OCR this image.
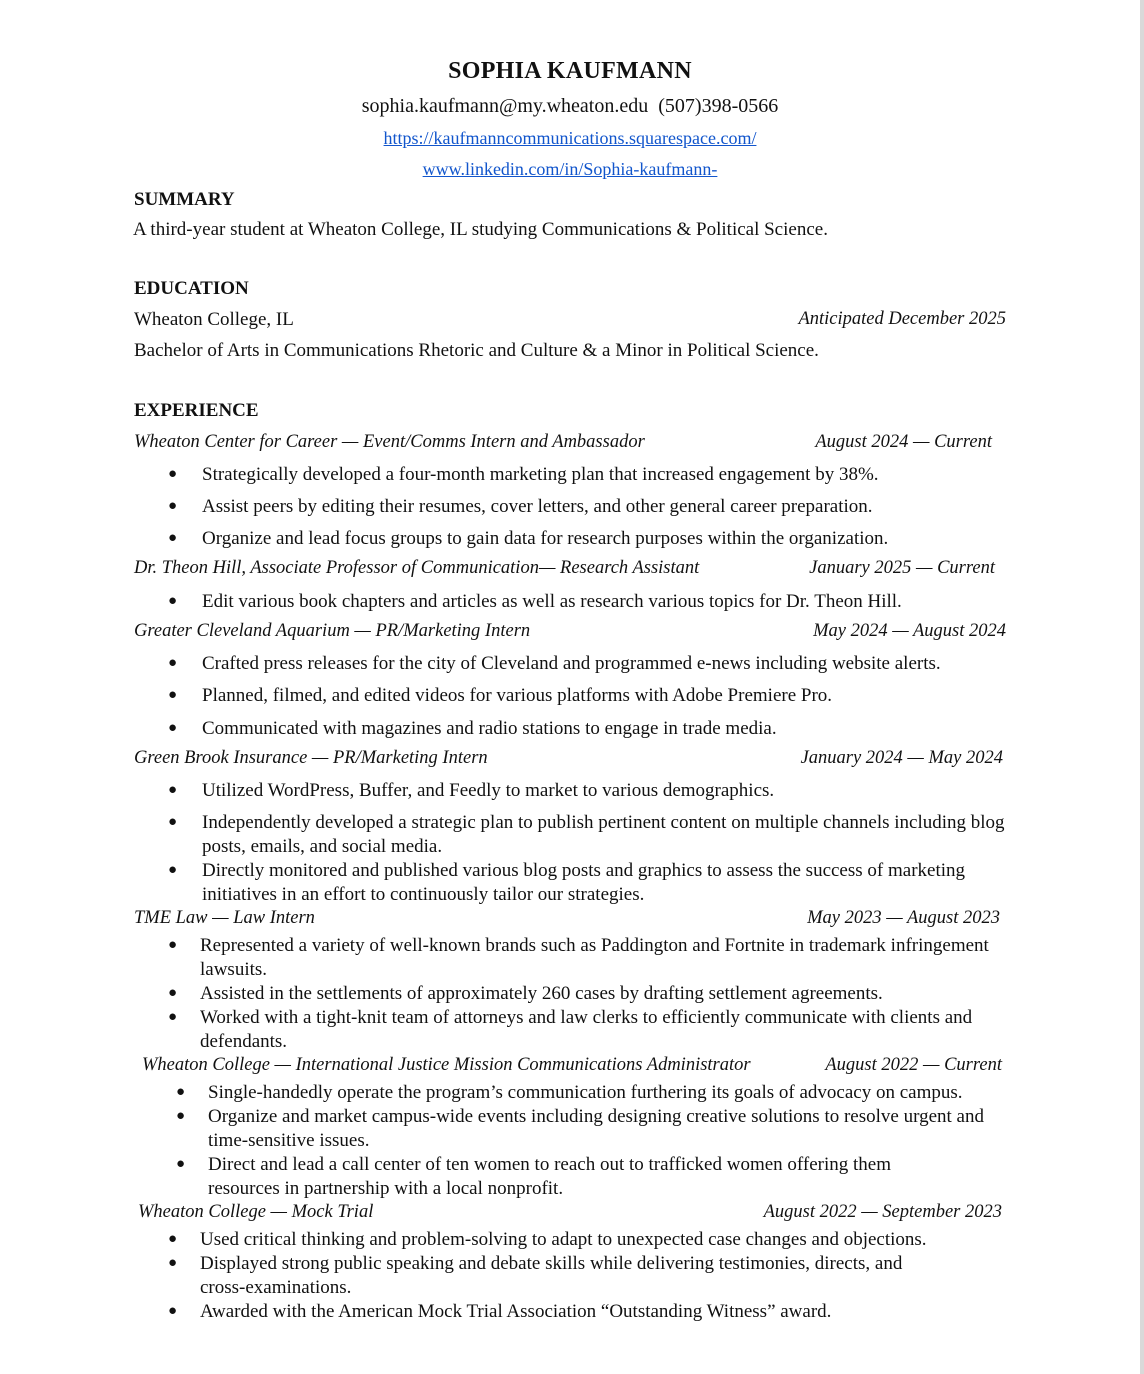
SOPHIA KAUFMANN
sophia.kaufmann@my.wheaton.edu (507)398-0566
https://kaufmanncommunications.squarespace.com/
www.linkedin.com/in/Sophia-kaufmann-
SUMMARY
A third-year student at Wheaton College, IL studying Communications & Political Science.
EDUCATION
Wheaton College, IL	Anticipated December 2025
Bachelor of Arts in Communications Rhetoric and Culture & a Minor in Political Science.
EXPERIENCE
Wheaton Center for Career — Event/Comms Intern and Ambassador	August 2024 — Current
● Strategically developed a four-month marketing plan that increased engagement by 38%.
● Assist peers by editing their resumes, cover letters, and other general career preparation.
● Organize and lead focus groups to gain data for research purposes within the organization.
Dr. Theon Hill, Associate Professor of Communication— Research Assistant	January 2025 — Current
● Edit various book chapters and articles as well as research various topics for Dr. Theon Hill.
Greater Cleveland Aquarium — PR/Marketing Intern	May 2024 — August 2024
● Crafted press releases for the city of Cleveland and programmed e-news including website alerts.
● Planned, filmed, and edited videos for various platforms with Adobe Premiere Pro.
● Communicated with magazines and radio stations to engage in trade media.
Green Brook Insurance — PR/Marketing Intern	January 2024 — May 2024
● Utilized WordPress, Buffer, and Feedly to market to various demographics.
● Independently developed a strategic plan to publish pertinent content on multiple channels including blog posts, emails, and social media.
● Directly monitored and published various blog posts and graphics to assess the success of marketing initiatives in an effort to continuously tailor our strategies.
TME Law — Law Intern	May 2023 — August 2023
● Represented a variety of well-known brands such as Paddington and Fortnite in trademark infringement lawsuits.
● Assisted in the settlements of approximately 260 cases by drafting settlement agreements.
● Worked with a tight-knit team of attorneys and law clerks to efficiently communicate with clients and defendants.
Wheaton College — International Justice Mission Communications Administrator	August 2022 — Current
● Single-handedly operate the program’s communication furthering its goals of advocacy on campus.
● Organize and market campus-wide events including designing creative solutions to resolve urgent and time-sensitive issues.
● Direct and lead a call center of ten women to reach out to trafficked women offering them resources in partnership with a local nonprofit.
Wheaton College — Mock Trial	August 2022 — September 2023
● Used critical thinking and problem-solving to adapt to unexpected case changes and objections.
● Displayed strong public speaking and debate skills while delivering testimonies, directs, and cross-examinations.
● Awarded with the American Mock Trial Association “Outstanding Witness” award.
